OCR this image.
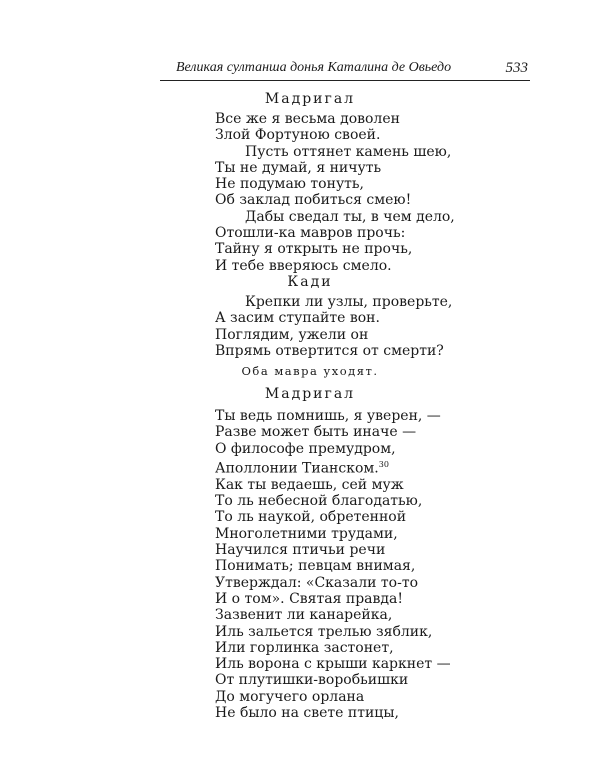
Великая султанша донья Каталина де Овьедо	533
Мадригал
Все же я весьма доволен
Злой Фортуною своей.
Пусть оттянет камень шею,
Ты не думай, я ничуть
Не подумаю тонуть,
Об заклад побиться смею!
Дабы сведал ты, в чем дело,
Отошли-ка мавров прочь:
Тайну я открыть не прочь,
И тебе вверяюсь смело.
Кади
Крепки ли узлы, проверьте,
А засим ступайте вон.
Поглядим, ужели он
Впрямь отвертится от смерти?
Оба мавра уходят.
Мадригал
Ты ведь помнишь, я уверен, —
Разве может быть иначе —
О философе премудром,
Аполлонии Тианском.$^{30}$
Как ты ведаешь, сей муж
То ль небесной благодатью,
То ль наукой, обретенной
Многолетними трудами,
Научился птичьи речи
Понимать; певцам внимая,
Утверждал: «Сказали то-то
И о том». Святая правда!
Зазвенит ли канарейка,
Иль зальется трелью зяблик,
Или горлинка застонет,
Иль ворона с крыши каркнет —
От плутишки-воробьишки
До могучего орлана
Не было на свете птицы,
